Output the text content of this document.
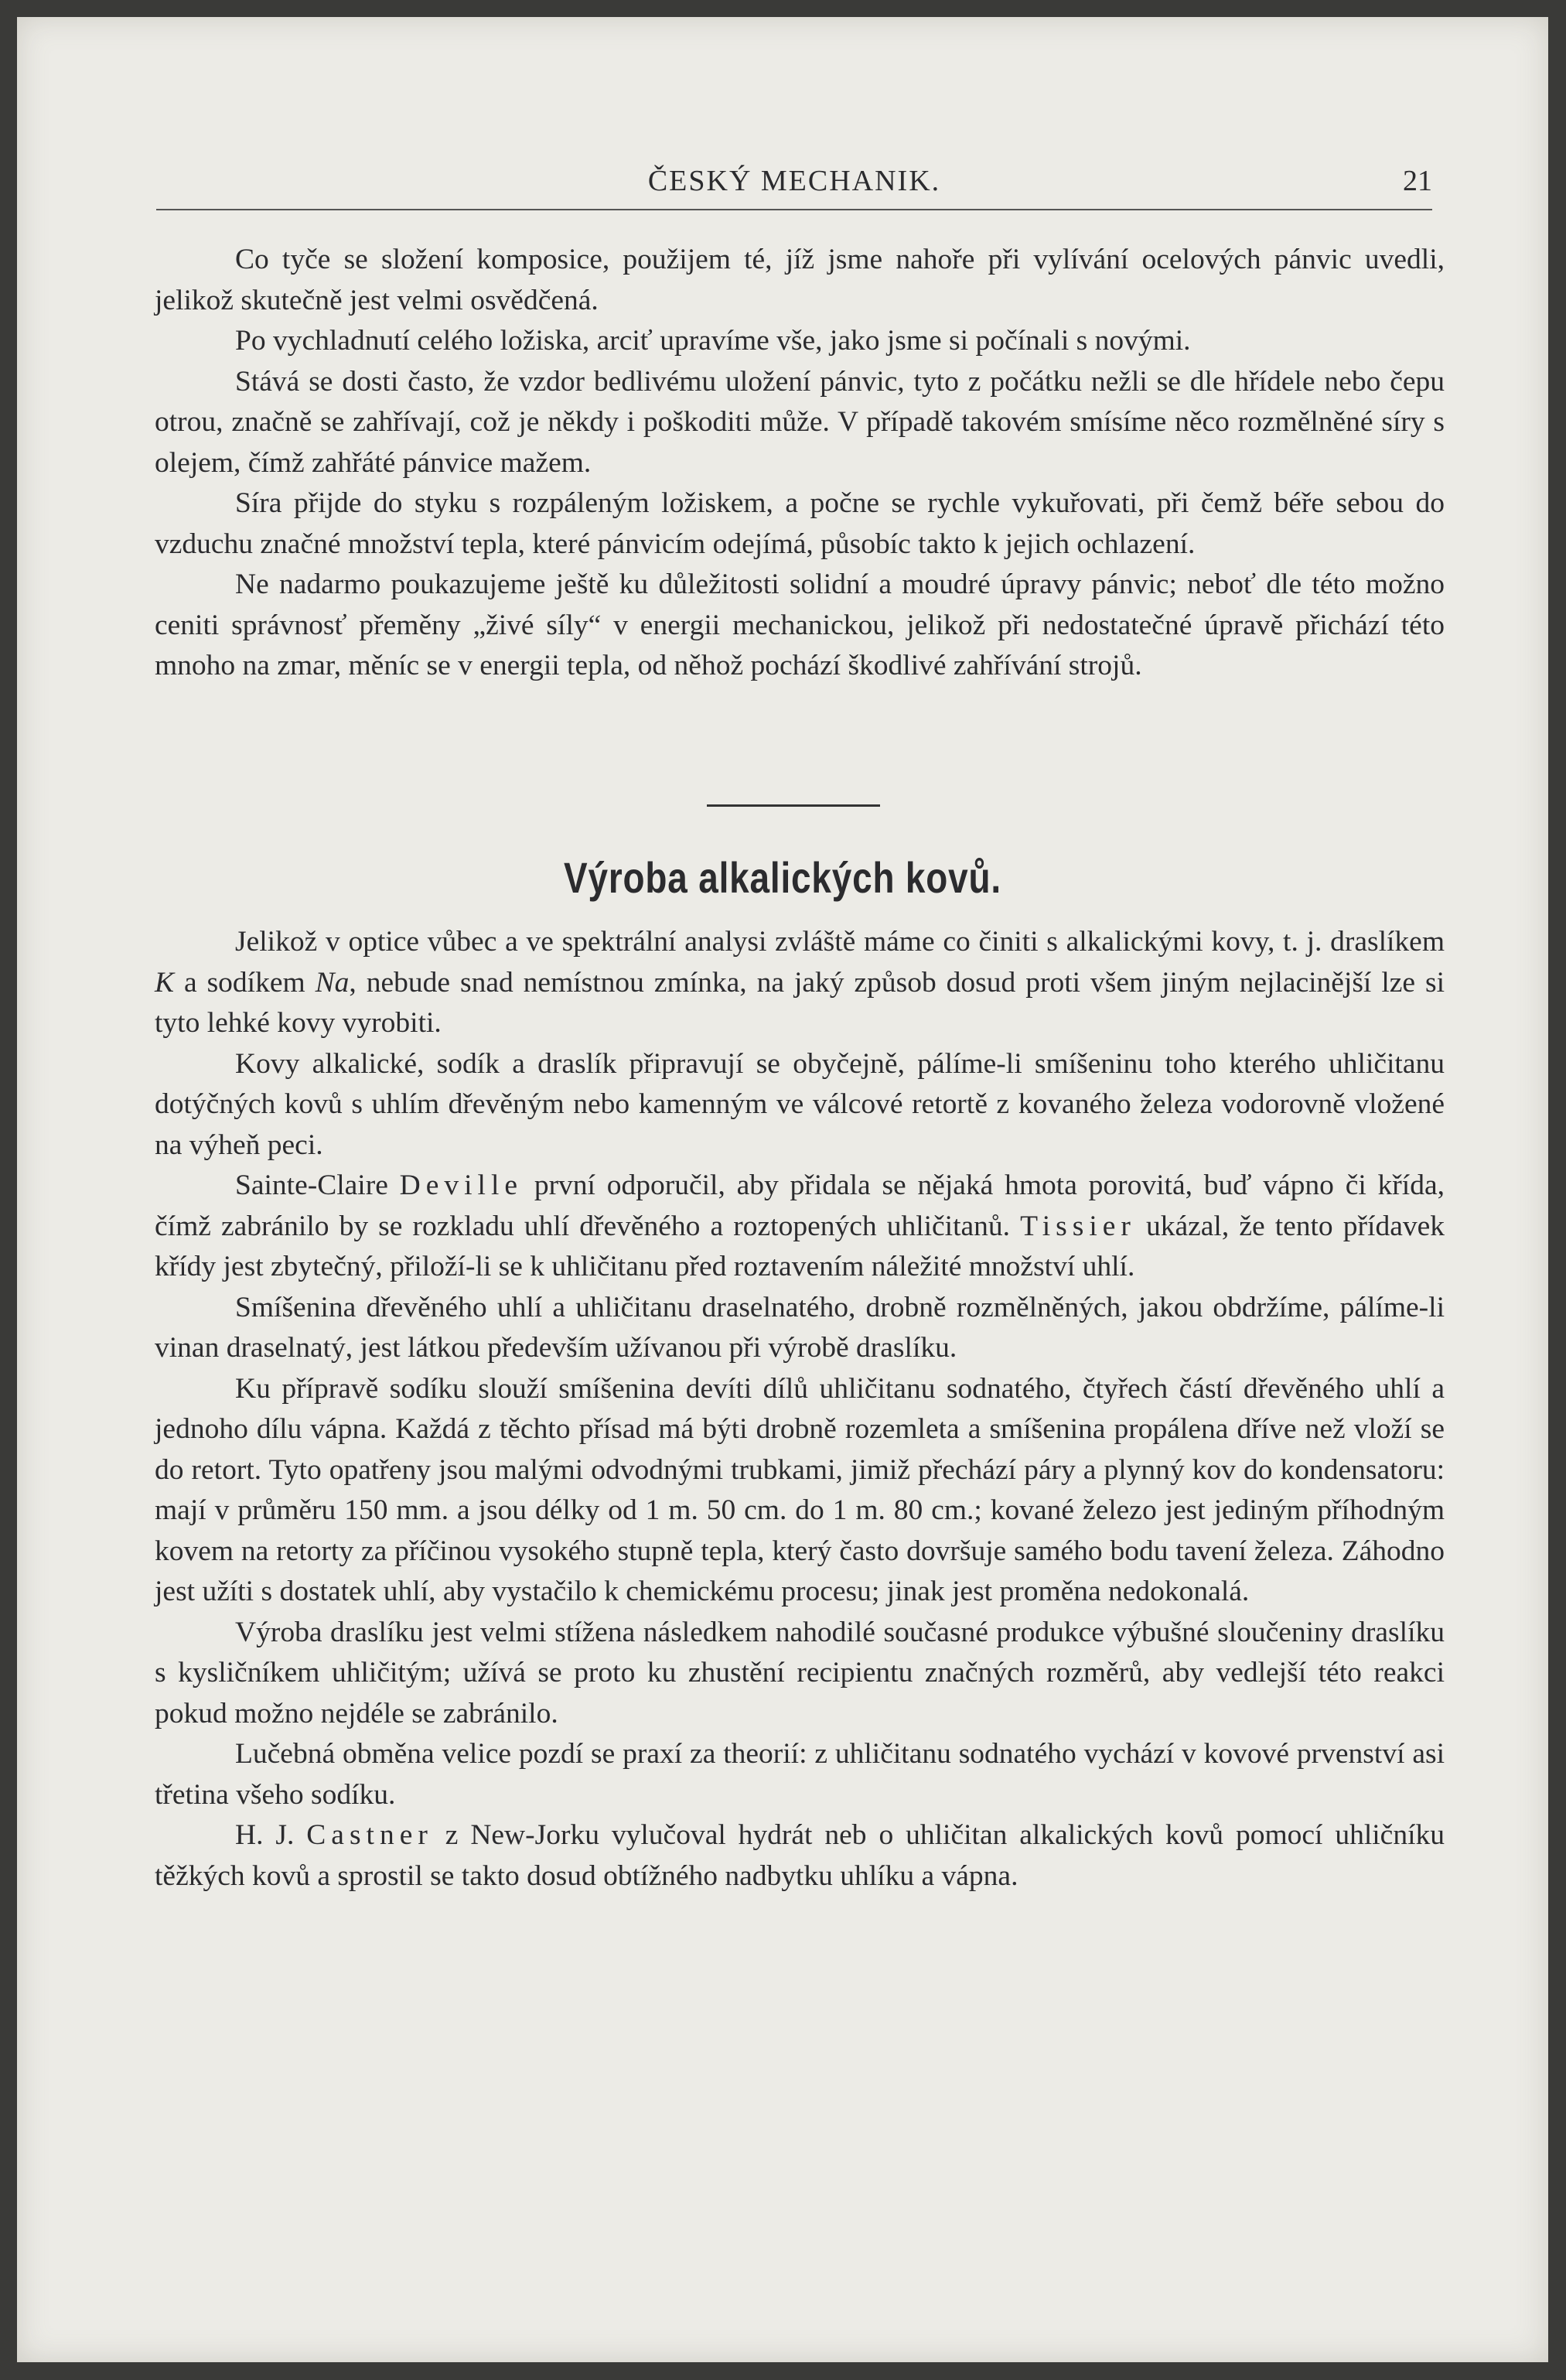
ČESKÝ MECHANIK.	21

Co tyče se složení komposice, použijem té, jíž jsme nahoře při vylívání ocelových pánvic uvedli, jelikož skutečně jest velmi osvědčená.

Po vychladnutí celého ložiska, arciť upravíme vše, jako jsme si počínali s novými.

Stává se dosti často, že vzdor bedlivému uložení pánvic, tyto z počátku nežli se dle hřídele nebo čepu otrou, značně se zahřívají, což je někdy i poškoditi může. V případě takovém smísíme něco rozmělněné síry s olejem, čímž zahřáté pánvice mažem.

Síra přijde do styku s rozpáleným ložiskem, a počne se rychle vykuřovati, při čemž béře sebou do vzduchu značné množství tepla, které pánvicím odejímá, působíc takto k jejich ochlazení.

Ne nadarmo poukazujeme ještě ku důležitosti solidní a moudré úpravy pánvic; neboť dle této možno ceniti správnosť přeměny „živé síly“ v energii mechanickou, jelikož při nedostatečné úpravě přichází této mnoho na zmar, měníc se v energii tepla, od něhož pochází škodlivé zahřívání strojů.

Výroba alkalických kovů.

Jelikož v optice vůbec a ve spektrální analysi zvláště máme co činiti s alkalickými kovy, t. j. draslíkem K a sodíkem Na, nebude snad nemístnou zmínka, na jaký způsob dosud proti všem jiným nejlacinější lze si tyto lehké kovy vyrobiti.

Kovy alkalické, sodík a draslík připravují se obyčejně, pálíme-li smíšeninu toho kterého uhličitanu dotýčných kovů s uhlím dřevěným nebo kamenným ve válcové retortě z kovaného železa vodorovně vložené na výheň peci.

Sainte-Claire Deville první odporučil, aby přidala se nějaká hmota porovitá, buď vápno či křída, čímž zabránilo by se rozkladu uhlí dřevěného a roztopených uhličitanů. Tissier ukázal, že tento přídavek křídy jest zbytečný, přiloží-li se k uhličitanu před roztavením náležité množství uhlí.

Smíšenina dřevěného uhlí a uhličitanu draselnatého, drobně rozmělněných, jakou obdržíme, pálíme-li vinan draselnatý, jest látkou především užívanou při výrobě draslíku.

Ku přípravě sodíku slouží smíšenina devíti dílů uhličitanu sodnatého, čtyřech částí dřevěného uhlí a jednoho dílu vápna. Každá z těchto přísad má býti drobně rozemleta a smíšenina propálena dříve než vloží se do retort. Tyto opatřeny jsou malými odvodnými trubkami, jimiž přechází páry a plynný kov do kondensatoru: mají v průměru 150 mm. a jsou délky od 1 m. 50 cm. do 1 m. 80 cm.; kované železo jest jediným příhodným kovem na retorty za příčinou vysokého stupně tepla, který často dovršuje samého bodu tavení železa. Záhodno jest užíti s dostatek uhlí, aby vystačilo k chemickému procesu; jinak jest proměna nedokonalá.

Výroba draslíku jest velmi stížena následkem nahodilé současné produkce výbušné sloučeniny draslíku s kysličníkem uhličitým; užívá se proto ku zhustění recipientu značných rozměrů, aby vedlejší této reakci pokud možno nejdéle se zabránilo.

Lučebná obměna velice pozdí se praxí za theorií: z uhličitanu sodnatého vychází v kovové prvenství asi třetina všeho sodíku.

H. J. Castner z New-Jorku vylučoval hydrát neb o uhličitan alkalických kovů pomocí uhličníku těžkých kovů a sprostil se takto dosud obtížného nadbytku uhlíku a vápna.
